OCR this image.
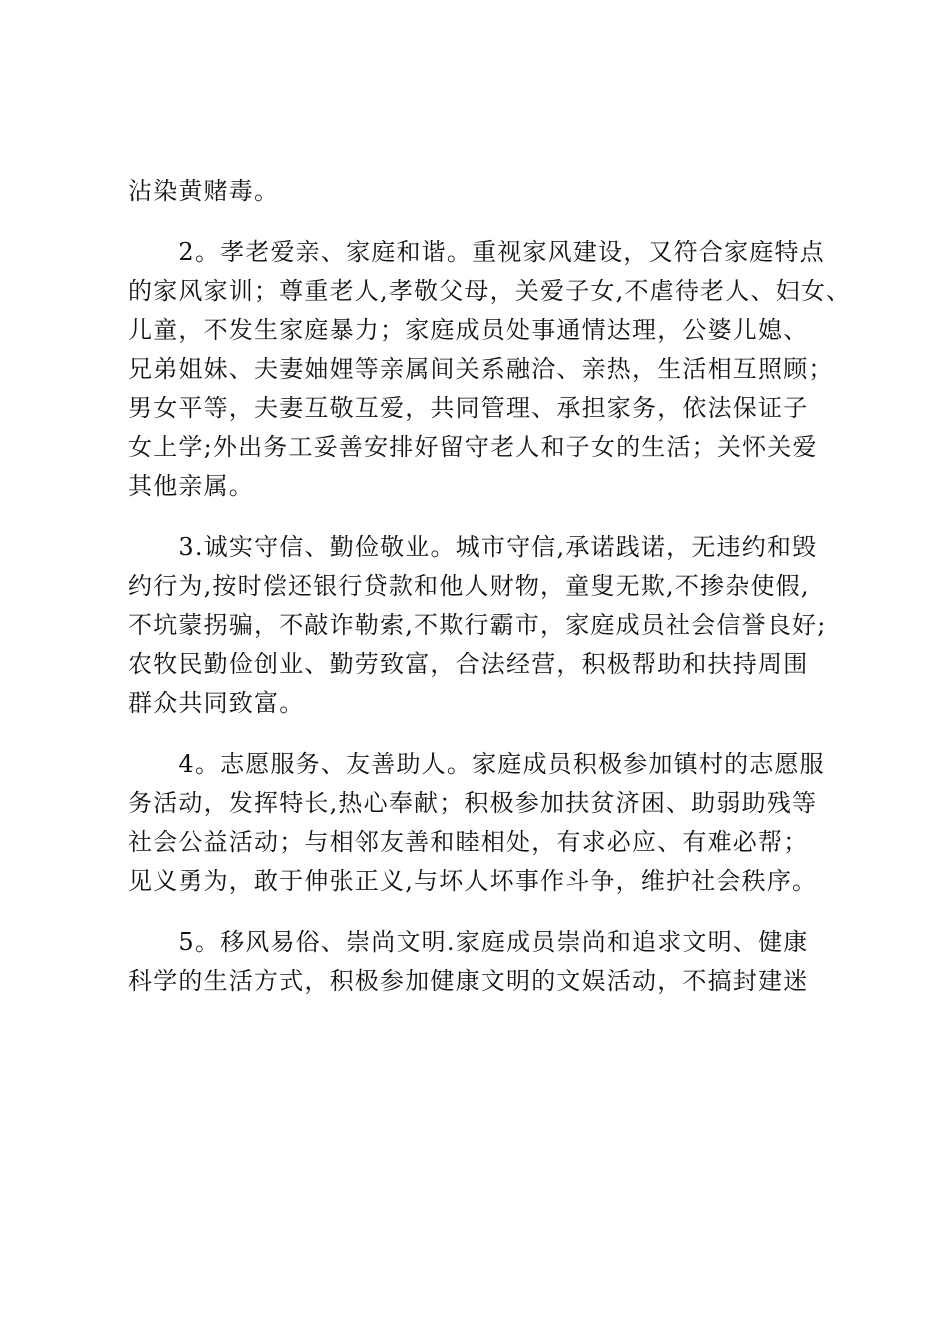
沾染黄赌毒。

　　2。孝老爱亲、家庭和谐。重视家风建设，又符合家庭特点
的家风家训；尊重老人,孝敬父母，关爱子女,不虐待老人、妇女、
儿童，不发生家庭暴力；家庭成员处事通情达理，公婆儿媳、
兄弟姐妹、夫妻妯娌等亲属间关系融洽、亲热，生活相互照顾；
男女平等，夫妻互敬互爱，共同管理、承担家务，依法保证子
女上学;外出务工妥善安排好留守老人和子女的生活；关怀关爱
其他亲属。

　　3.诚实守信、勤俭敬业。城市守信,承诺践诺，无违约和毁
约行为,按时偿还银行贷款和他人财物，童叟无欺,不掺杂使假,
不坑蒙拐骗，不敲诈勒索,不欺行霸市，家庭成员社会信誉良好;
农牧民勤俭创业、勤劳致富，合法经营，积极帮助和扶持周围
群众共同致富。

　　4。志愿服务、友善助人。家庭成员积极参加镇村的志愿服
务活动，发挥特长,热心奉献；积极参加扶贫济困、助弱助残等
社会公益活动；与相邻友善和睦相处，有求必应、有难必帮；
见义勇为，敢于伸张正义,与坏人坏事作斗争，维护社会秩序。

　　5。移风易俗、崇尚文明.家庭成员崇尚和追求文明、健康
科学的生活方式，积极参加健康文明的文娱活动，不搞封建迷
